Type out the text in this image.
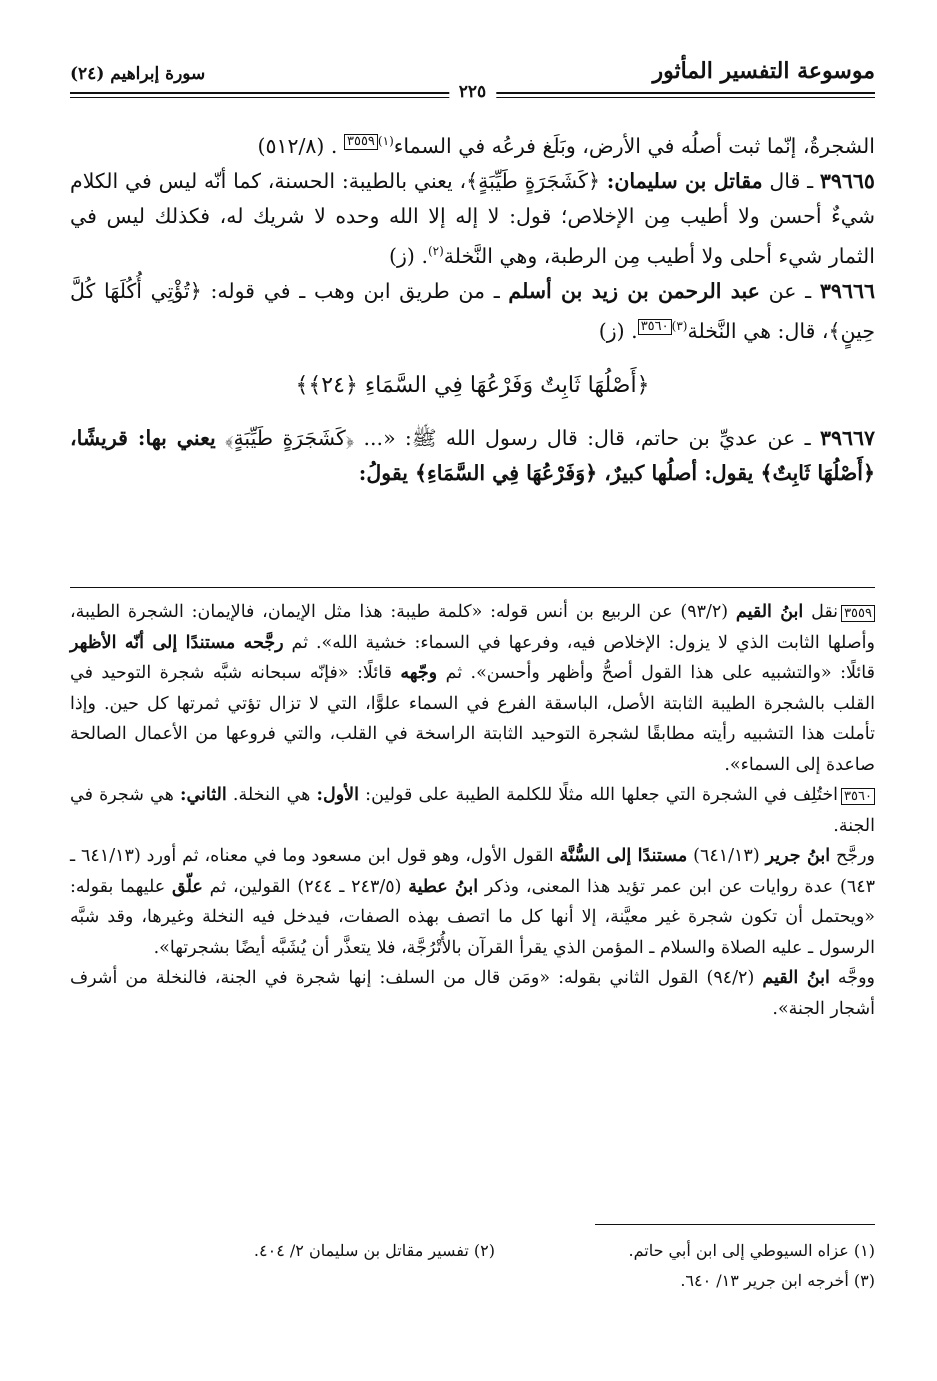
موسوعة التفسير المأثور
٢٢٥
سورة إبراهيم (٢٤)

الشجرةُ، إنّما ثبت أصلُه في الأرض، وبَلَغ فرعُه في السماء$^{(١)}$٣٥٥٩ . (٥١٢/٨)

٣٩٦٦٥ ـ قال مقاتل بن سليمان: ﴿كَشَجَرَةٍ طَيِّبَةٍ﴾، يعني بالطيبة: الحسنة، كما أنّه ليس في الكلام شيءٌ أحسن ولا أطيب مِن الإخلاص؛ قول: لا إله إلا الله وحده لا شريك له، فكذلك ليس في الثمار شيء أحلى ولا أطيب مِن الرطبة، وهي النَّخلة$^{(٢)}$. (ز)

٣٩٦٦٦ ـ عن عبد الرحمن بن زيد بن أسلم ـ من طريق ابن وهب ـ في قوله: ﴿تُؤْتِي أُكُلَهَا كُلَّ حِينٍ﴾، قال: هي النَّخلة$^{(٣)}$٣٥٦٠. (ز)

﴿أَصْلُهَا ثَابِتٌ وَفَرْعُهَا فِي السَّمَاءِ ﴿٢٤﴾﴾

٣٩٦٦٧ ـ عن عديِّ بن حاتم، قال: قال رسول الله ﷺ: «... ﴿كَشَجَرَةٍ طَيِّبَةٍ﴾ يعني بها: قريشًا، ﴿أَصْلُهَا ثَابِتٌ﴾ يقول: أصلُها كبيرٌ، ﴿وَفَرْعُهَا فِي السَّمَاءِ﴾ يقولُ:

٣٥٥٩نقل ابنُ القيم (٩٣/٢) عن الربيع بن أنس قوله: «كلمة طيبة: هذا مثل الإيمان، فالإيمان: الشجرة الطيبة، وأصلها الثابت الذي لا يزول: الإخلاص فيه، وفرعها في السماء: خشية الله». ثم رجَّحه مستندًا إلى أنّه الأظهر قائلًا: «والتشبيه على هذا القول أصحُّ وأظهر وأحسن». ثم وجّهه قائلًا: «فإنّه سبحانه شبَّه شجرة التوحيد في القلب بالشجرة الطيبة الثابتة الأصل، الباسقة الفرع في السماء علوًّا، التي لا تزال تؤتي ثمرتها كل حين. وإذا تأملت هذا التشبيه رأيته مطابقًا لشجرة التوحيد الثابتة الراسخة في القلب، والتي فروعها من الأعمال الصالحة صاعدة إلى السماء».

٣٥٦٠اختُلِف في الشجرة التي جعلها الله مثلًا للكلمة الطيبة على قولين: الأول: هي النخلة. الثاني: هي شجرة في الجنة.

ورجَّح ابنُ جرير (٦٤١/١٣) مستندًا إلى السُّنَّة القول الأول، وهو قول ابن مسعود وما في معناه، ثم أورد (٦٤١/١٣ ـ ٦٤٣) عدة روايات عن ابن عمر تؤيد هذا المعنى، وذكر ابنُ عطية (٢٤٣/٥ ـ ٢٤٤) القولين، ثم علّق عليهما بقوله: «ويحتمل أن تكون شجرة غير معيَّنة، إلا أنها كل ما اتصف بهذه الصفات، فيدخل فيه النخلة وغيرها، وقد شبَّه الرسول ـ عليه الصلاة والسلام ـ المؤمن الذي يقرأ القرآن بالأُتْرُجَّة، فلا يتعذَّر أن يُشَبَّه أيضًا بشجرتها».

ووجَّه ابنُ القيم (٩٤/٢) القول الثاني بقوله: «ومَن قال من السلف: إنها شجرة في الجنة، فالنخلة من أشرف أشجار الجنة».

(١) عزاه السيوطي إلى ابن أبي حاتم.
(٢) تفسير مقاتل بن سليمان ٢/ ٤٠٤.
(٣) أخرجه ابن جرير ١٣/ ٦٤٠.
